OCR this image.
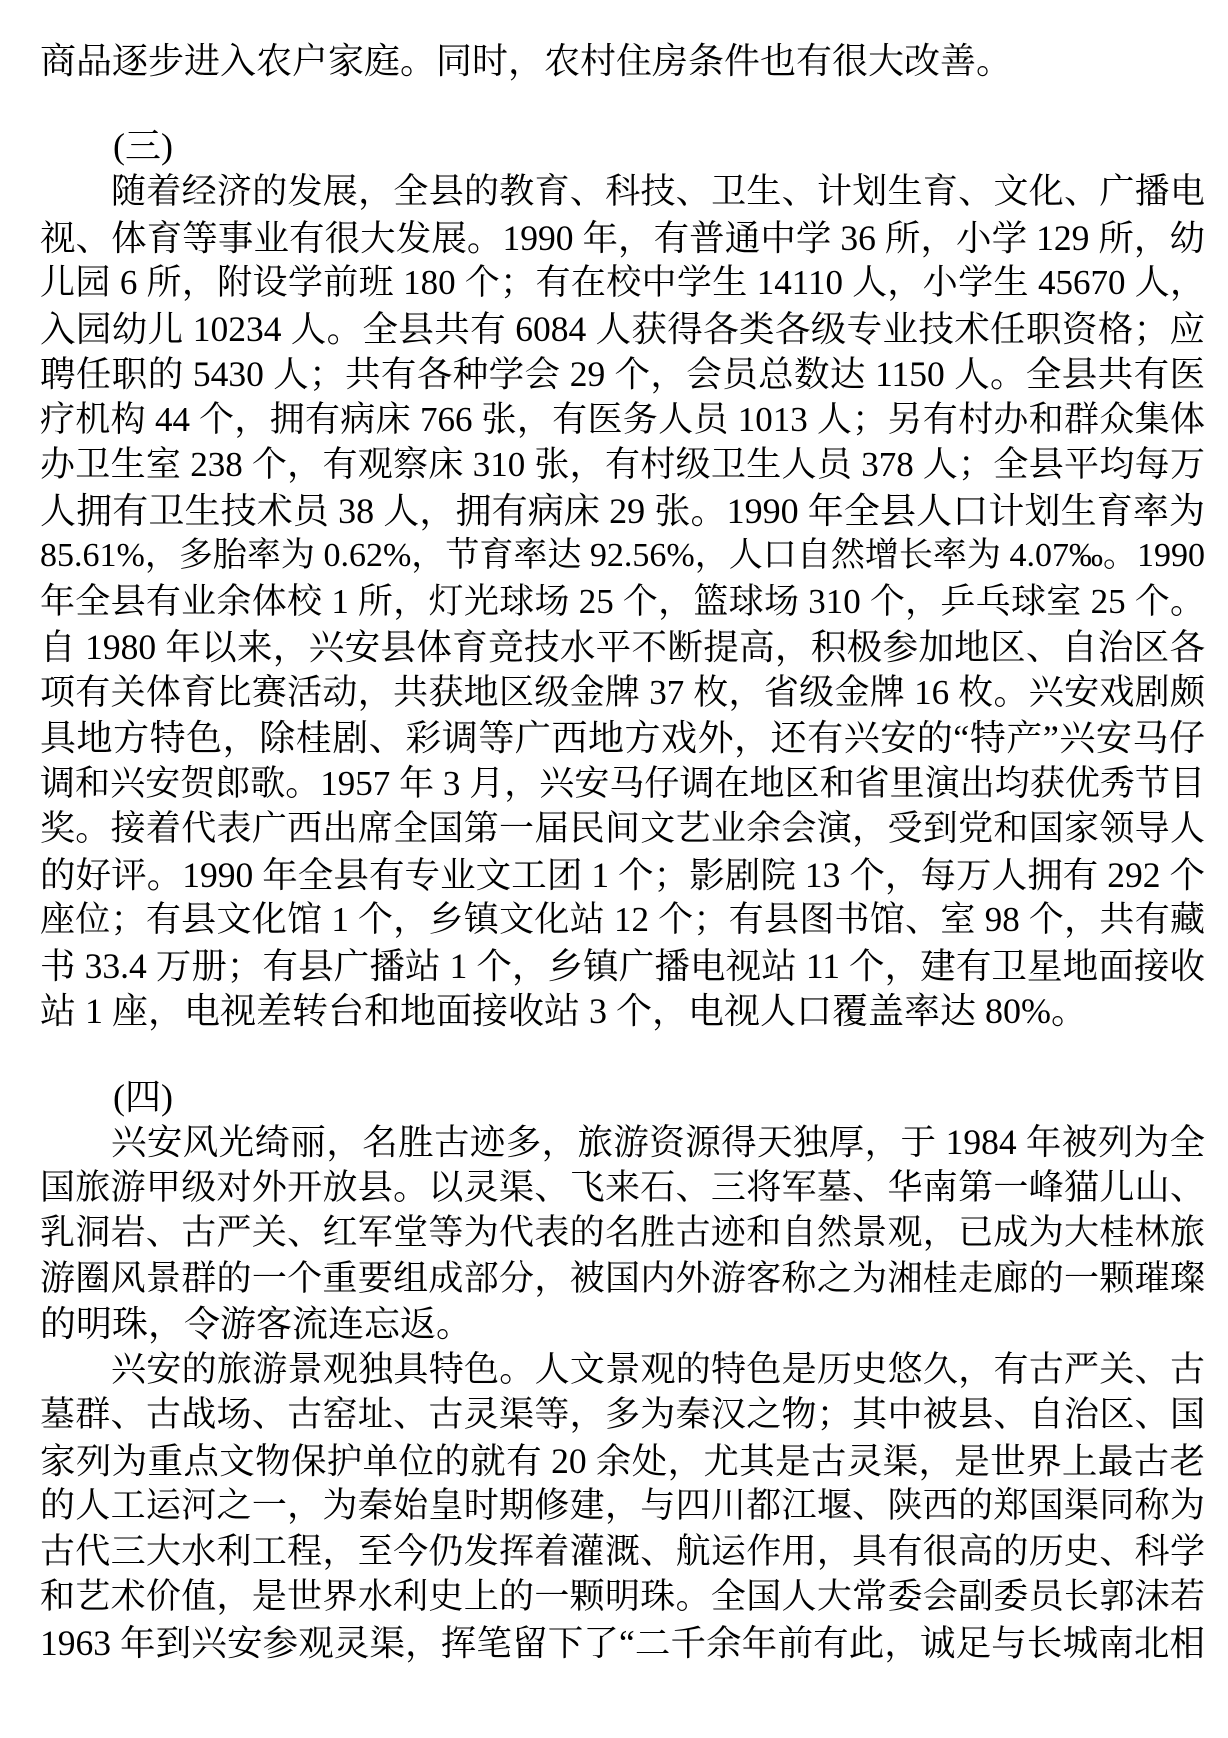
商品逐步进入农户家庭。同时，农村住房条件也有很大改善。
(三)
随着经济的发展，全县的教育、科技、卫生、计划生育、文化、广播电
视、体育等事业有很大发展。1990 年，有普通中学 36 所，小学 129 所，幼
儿园 6 所，附设学前班 180 个；有在校中学生 14110 人，小学生 45670 人，
入园幼儿 10234 人。全县共有 6084 人获得各类各级专业技术任职资格；应
聘任职的 5430 人；共有各种学会 29 个，会员总数达 1150 人。全县共有医
疗机构 44 个，拥有病床 766 张，有医务人员 1013 人；另有村办和群众集体
办卫生室 238 个，有观察床 310 张，有村级卫生人员 378 人；全县平均每万
人拥有卫生技术员 38 人，拥有病床 29 张。1990 年全县人口计划生育率为
85.61%，多胎率为 0.62%，节育率达 92.56%，人口自然增长率为 4.07‰。1990
年全县有业余体校 1 所，灯光球场 25 个，篮球场 310 个，乒乓球室 25 个。
自 1980 年以来，兴安县体育竞技水平不断提高，积极参加地区、自治区各
项有关体育比赛活动，共获地区级金牌 37 枚，省级金牌 16 枚。兴安戏剧颇
具地方特色，除桂剧、彩调等广西地方戏外，还有兴安的“特产”兴安马仔
调和兴安贺郎歌。1957 年 3 月，兴安马仔调在地区和省里演出均获优秀节目
奖。接着代表广西出席全国第一届民间文艺业余会演，受到党和国家领导人
的好评。1990 年全县有专业文工团 1 个；影剧院 13 个，每万人拥有 292 个
座位；有县文化馆 1 个，乡镇文化站 12 个；有县图书馆、室 98 个，共有藏
书 33.4 万册；有县广播站 1 个，乡镇广播电视站 11 个，建有卫星地面接收
站 1 座，电视差转台和地面接收站 3 个，电视人口覆盖率达 80%。
(四)
兴安风光绮丽，名胜古迹多，旅游资源得天独厚，于 1984 年被列为全
国旅游甲级对外开放县。以灵渠、飞来石、三将军墓、华南第一峰猫儿山、
乳洞岩、古严关、红军堂等为代表的名胜古迹和自然景观，已成为大桂林旅
游圈风景群的一个重要组成部分，被国内外游客称之为湘桂走廊的一颗璀璨
的明珠，令游客流连忘返。
兴安的旅游景观独具特色。人文景观的特色是历史悠久，有古严关、古
墓群、古战场、古窑址、古灵渠等，多为秦汉之物；其中被县、自治区、国
家列为重点文物保护单位的就有 20 余处，尤其是古灵渠，是世界上最古老
的人工运河之一，为秦始皇时期修建，与四川都江堰、陕西的郑国渠同称为
古代三大水利工程，至今仍发挥着灌溉、航运作用，具有很高的历史、科学
和艺术价值，是世界水利史上的一颗明珠。全国人大常委会副委员长郭沫若
1963 年到兴安参观灵渠，挥笔留下了“二千余年前有此，诚足与长城南北相
